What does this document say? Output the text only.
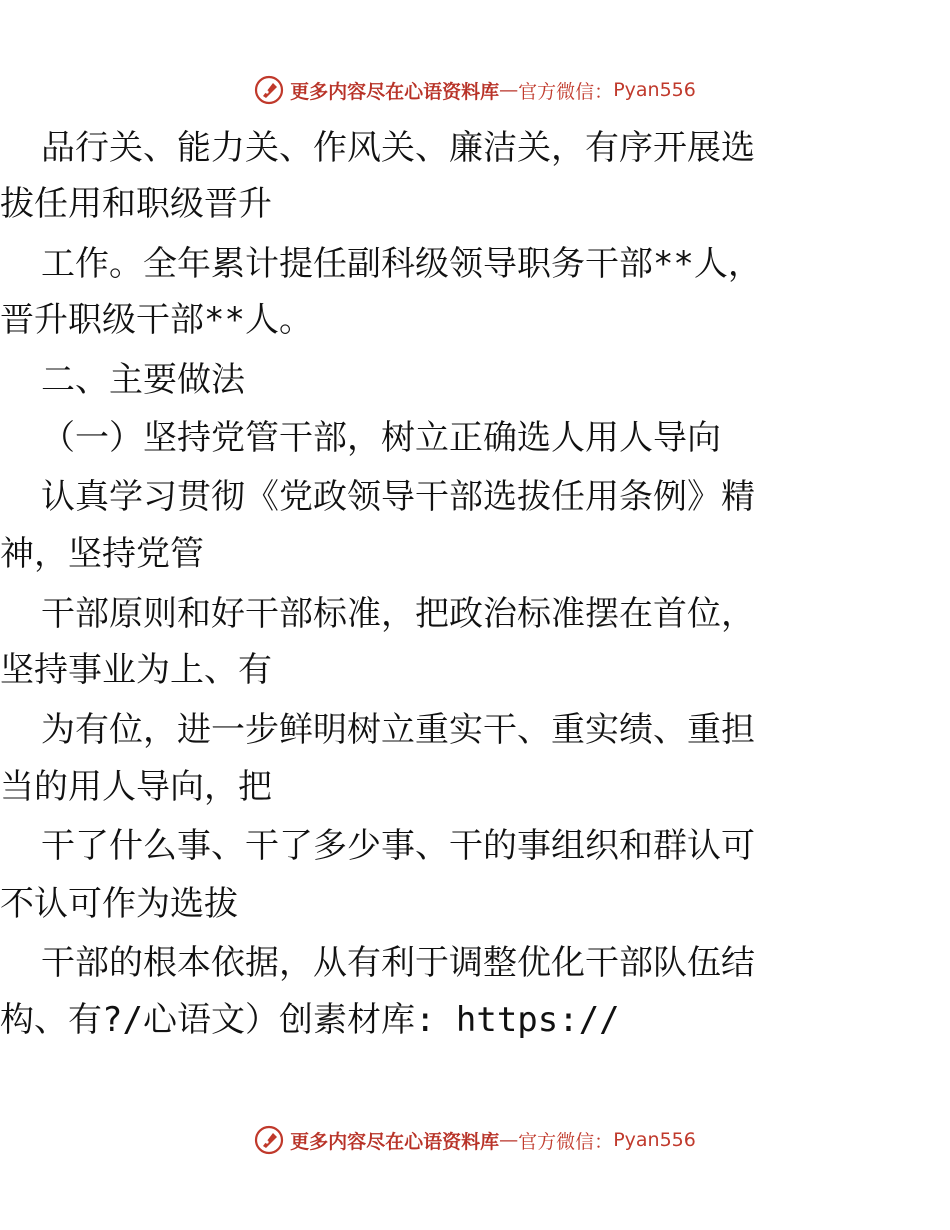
更多内容尽在心语资料库 — 官方微信： Pyan556
品行关、能力关、作风关、廉洁关，有序开展选
拔任用和职级晋升
工作。全年累计提任副科级领导职务干部**人，
晋升职级干部**人。
二、主要做法
（一）坚持党管干部，树立正确选人用人导向
认真学习贯彻《党政领导干部选拔任用条例》精
神，坚持党管
干部原则和好干部标准，把政治标准摆在首位，
坚持事业为上、有
为有位，进一步鲜明树立重实干、重实绩、重担
当的用人导向，把
干了什么事、干了多少事、干的事组织和群认可
不认可作为选拔
干部的根本依据，从有利于调整优化干部队伍结
构、有?/心语文）创素材库: https://
更多内容尽在心语资料库 — 官方微信： Pyan556
